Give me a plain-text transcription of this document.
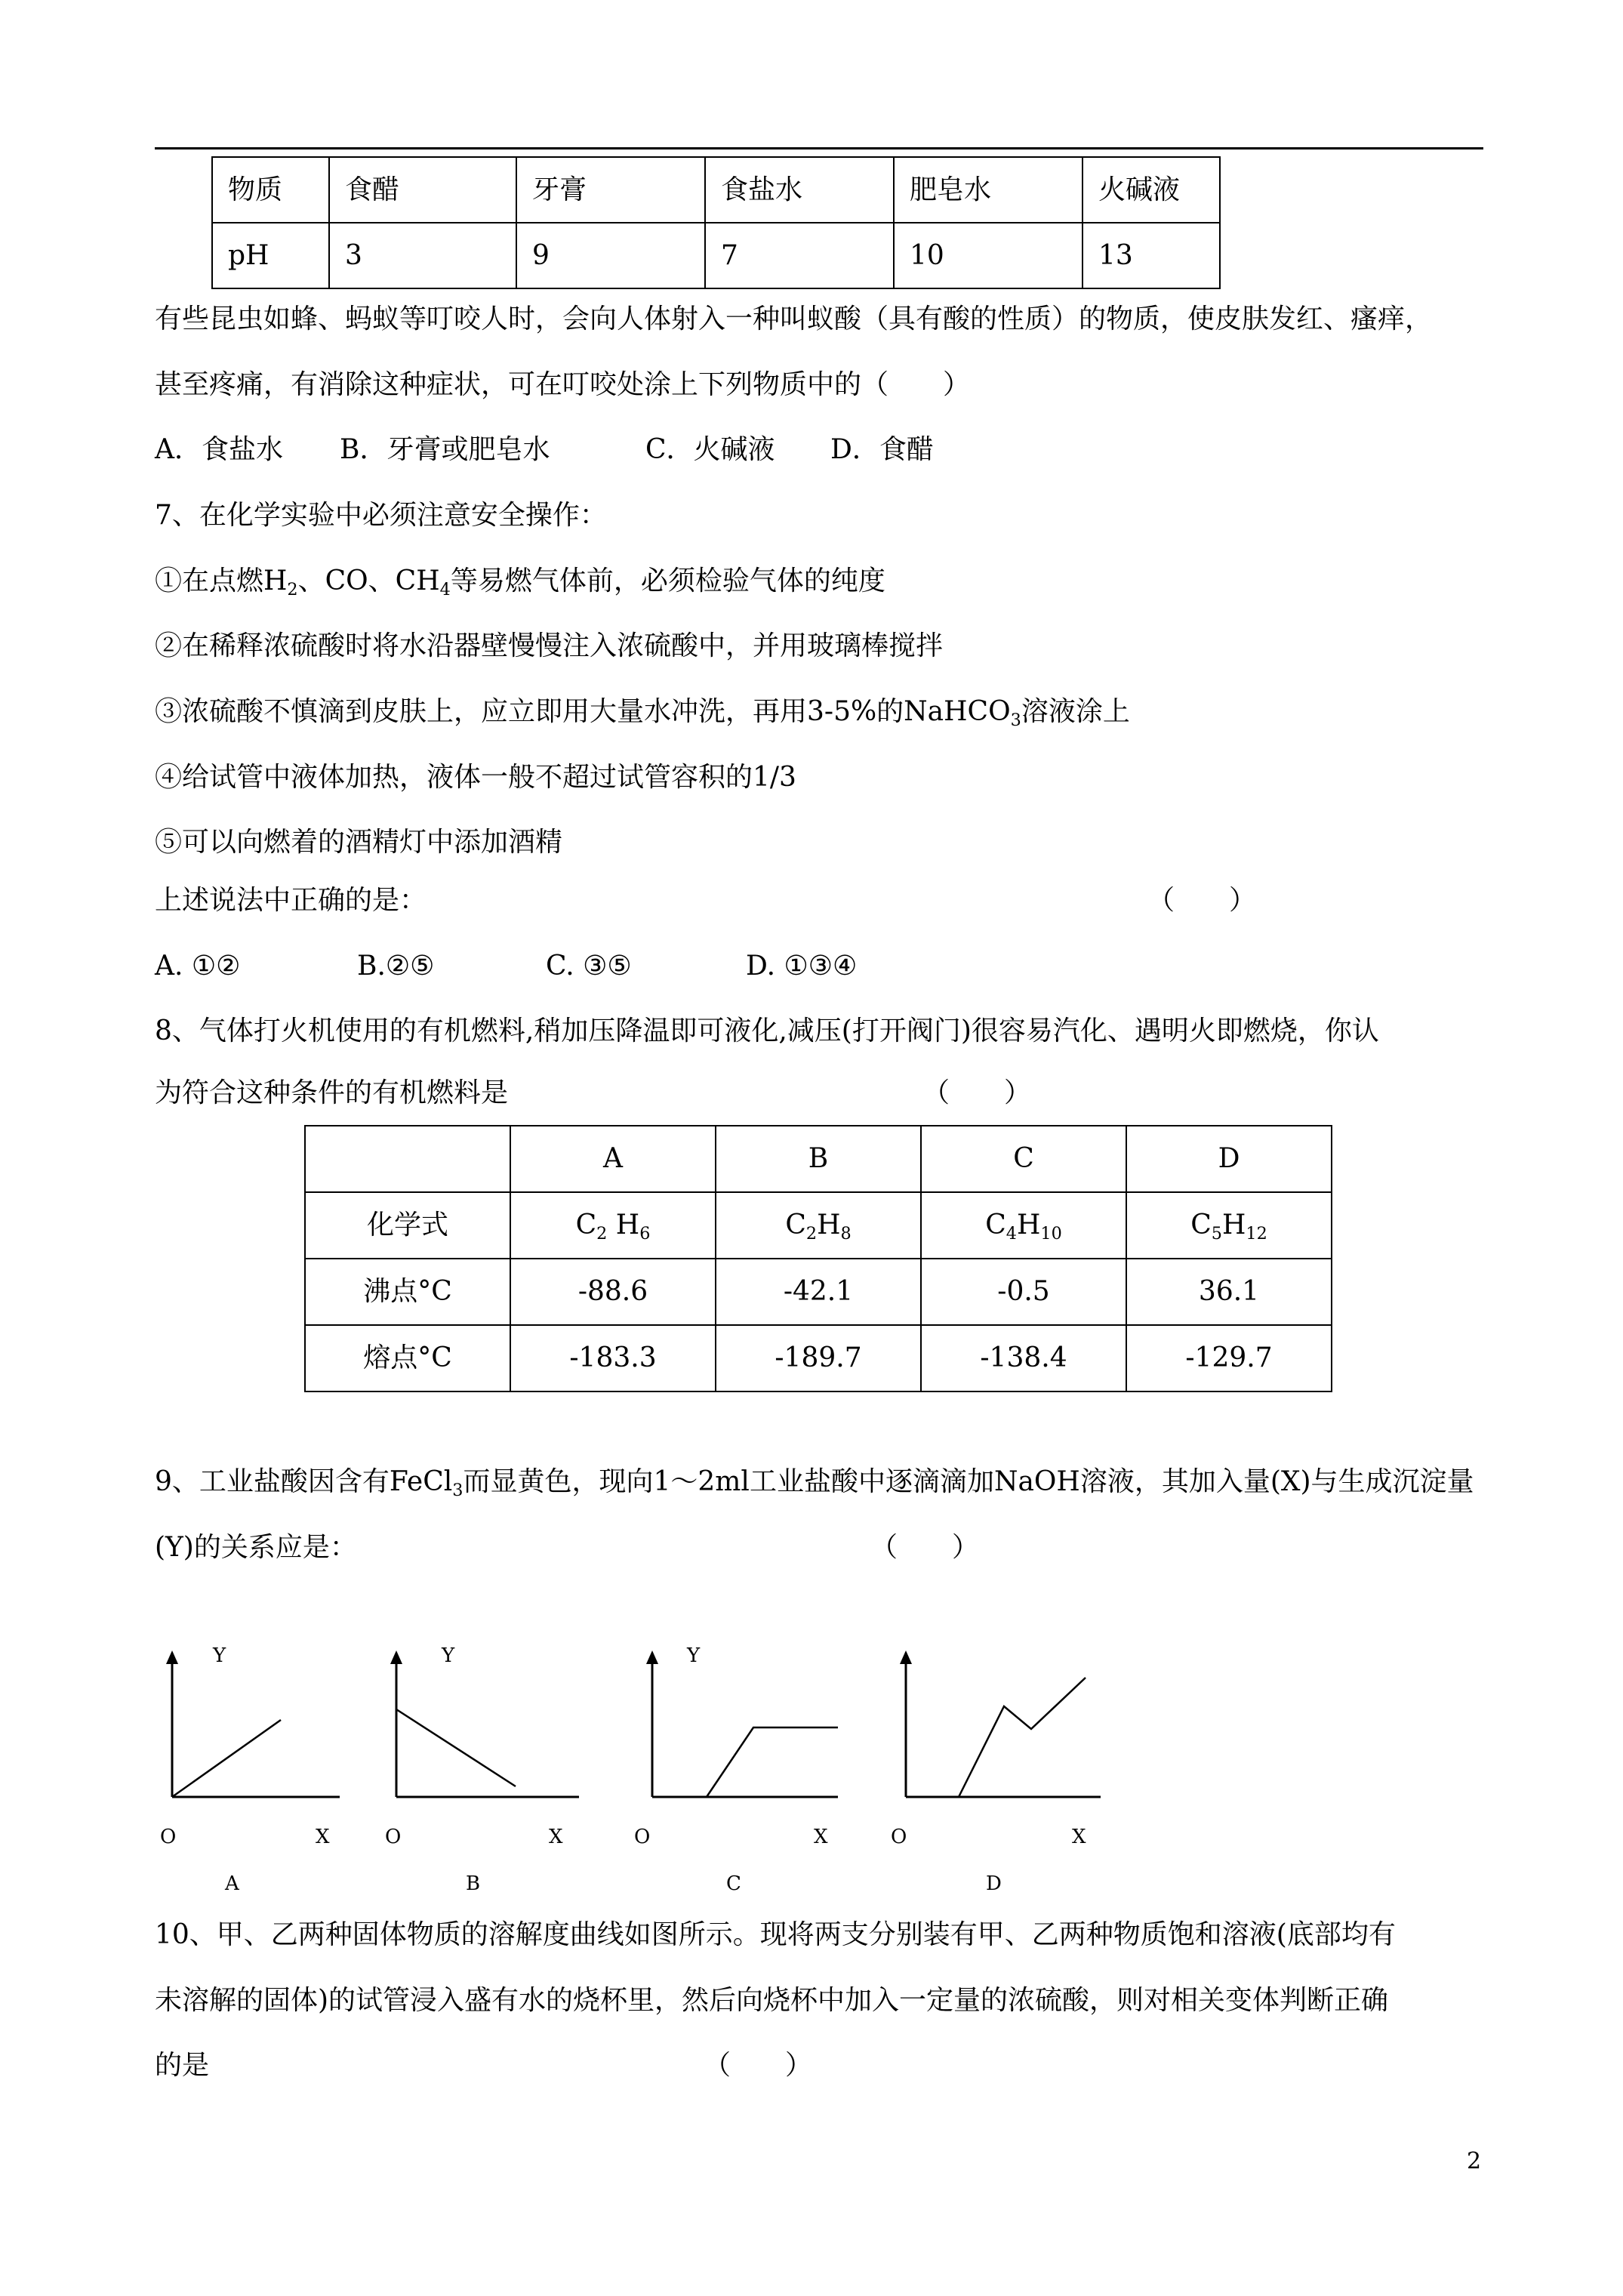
物质	食醋	牙膏	食盐水	肥皂水	火碱液
pH	3	9	7	10	13
有些昆虫如蜂、蚂蚁等叮咬人时，会向人体射入一种叫蚁酸（具有酸的性质）的物质，使皮肤发红、瘙痒，
甚至疼痛，有消除这种症状，可在叮咬处涂上下列物质中的（　　）
A．食盐水 B．牙膏或肥皂水	C．火碱液 D．食醋
7、在化学实验中必须注意安全操作：
①在点燃H2、CO、CH4等易燃气体前，必须检验气体的纯度
②在稀释浓硫酸时将水沿器壁慢慢注入浓硫酸中，并用玻璃棒搅拌
③浓硫酸不慎滴到皮肤上，应立即用大量水冲洗，再用3-5%的NaHCO3溶液涂上
④给试管中液体加热，液体一般不超过试管容积的1/3
⑤可以向燃着的酒精灯中添加酒精
上述说法中正确的是：	（　　）
A. ①②	B.②⑤	C. ③⑤	D. ①③④
8、气体打火机使用的有机燃料,稍加压降温即可液化,减压(打开阀门)很容易汽化、遇明火即燃烧，你认
为符合这种条件的有机燃料是	（　　）
	A	B	C	D
化学式	C2 H6	C2H8	C4H10	C5H12
沸点°C	-88.6	-42.1	-0.5	36.1
熔点°C	-183.3	-189.7	-138.4	-129.7
9、工业盐酸因含有FeCl3而显黄色，现向1～2ml工业盐酸中逐滴滴加NaOH溶液，其加入量(X)与生成沉淀量
(Y)的关系应是：	（　　）
Y
O	X
A
Y
O	X
B
Y
O	X
C
O	X
D
10、甲、乙两种固体物质的溶解度曲线如图所示。现将两支分别装有甲、乙两种物质饱和溶液(底部均有
未溶解的固体)的试管浸入盛有水的烧杯里，然后向烧杯中加入一定量的浓硫酸，则对相关变体判断正确
的是	（　　）
2
